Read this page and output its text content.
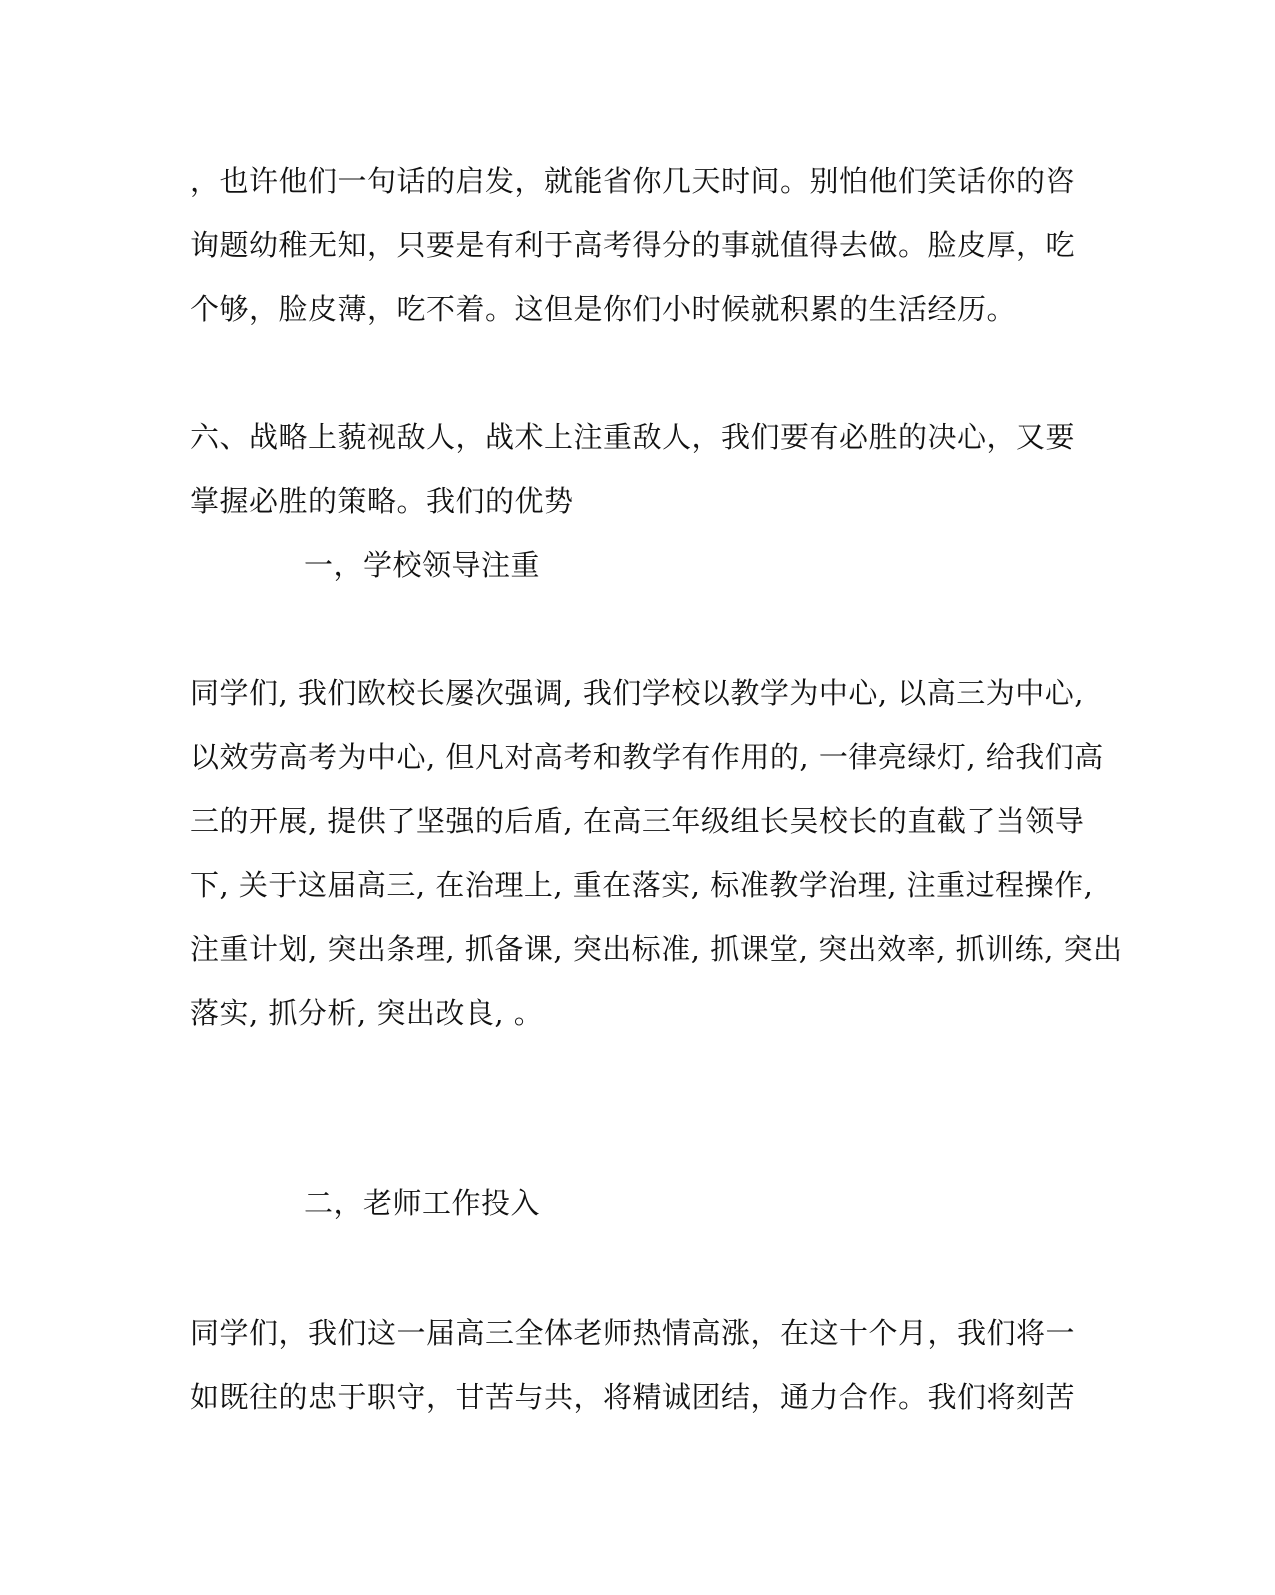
，也许他们一句话的启发，就能省你几天时间。别怕他们笑话你的咨
询题幼稚无知，只要是有利于高考得分的事就值得去做。脸皮厚，吃
个够，脸皮薄，吃不着。这但是你们小时候就积累的生活经历。
六、战略上藐视敌人，战术上注重敌人，我们要有必胜的决心，又要
掌握必胜的策略。我们的优势
一，学校领导注重
同学们, 我们欧校长屡次强调, 我们学校以教学为中心, 以高三为中心,
以效劳高考为中心, 但凡对高考和教学有作用的, 一律亮绿灯, 给我们高
三的开展, 提供了坚强的后盾, 在高三年级组长吴校长的直截了当领导
下, 关于这届高三, 在治理上, 重在落实, 标准教学治理, 注重过程操作,
注重计划, 突出条理, 抓备课, 突出标准, 抓课堂, 突出效率, 抓训练, 突出
落实, 抓分析, 突出改良, 。
二，老师工作投入
同学们，我们这一届高三全体老师热情高涨，在这十个月，我们将一
如既往的忠于职守，甘苦与共，将精诚团结，通力合作。我们将刻苦
